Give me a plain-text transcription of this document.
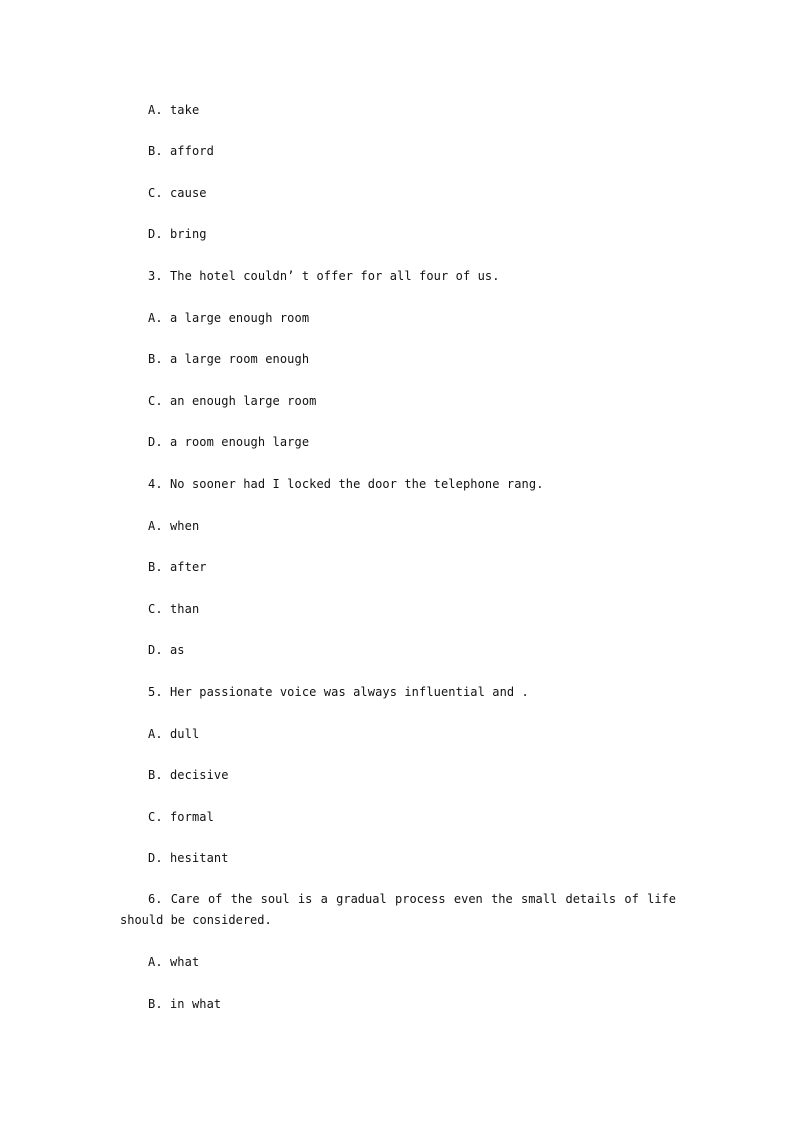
A. take
B. afford
C. cause
D. bring
3. The hotel couldn’ t offer for all four of us.
A. a large enough room
B. a large room enough
C. an enough large room
D. a room enough large
4. No sooner had I locked the door the telephone rang.
A. when
B. after
C. than
D. as
5. Her passionate voice was always influential and .
A. dull
B. decisive
C. formal
D. hesitant
6. Care of the soul is a gradual process even the small details of life should be considered.
A. what
B. in what
